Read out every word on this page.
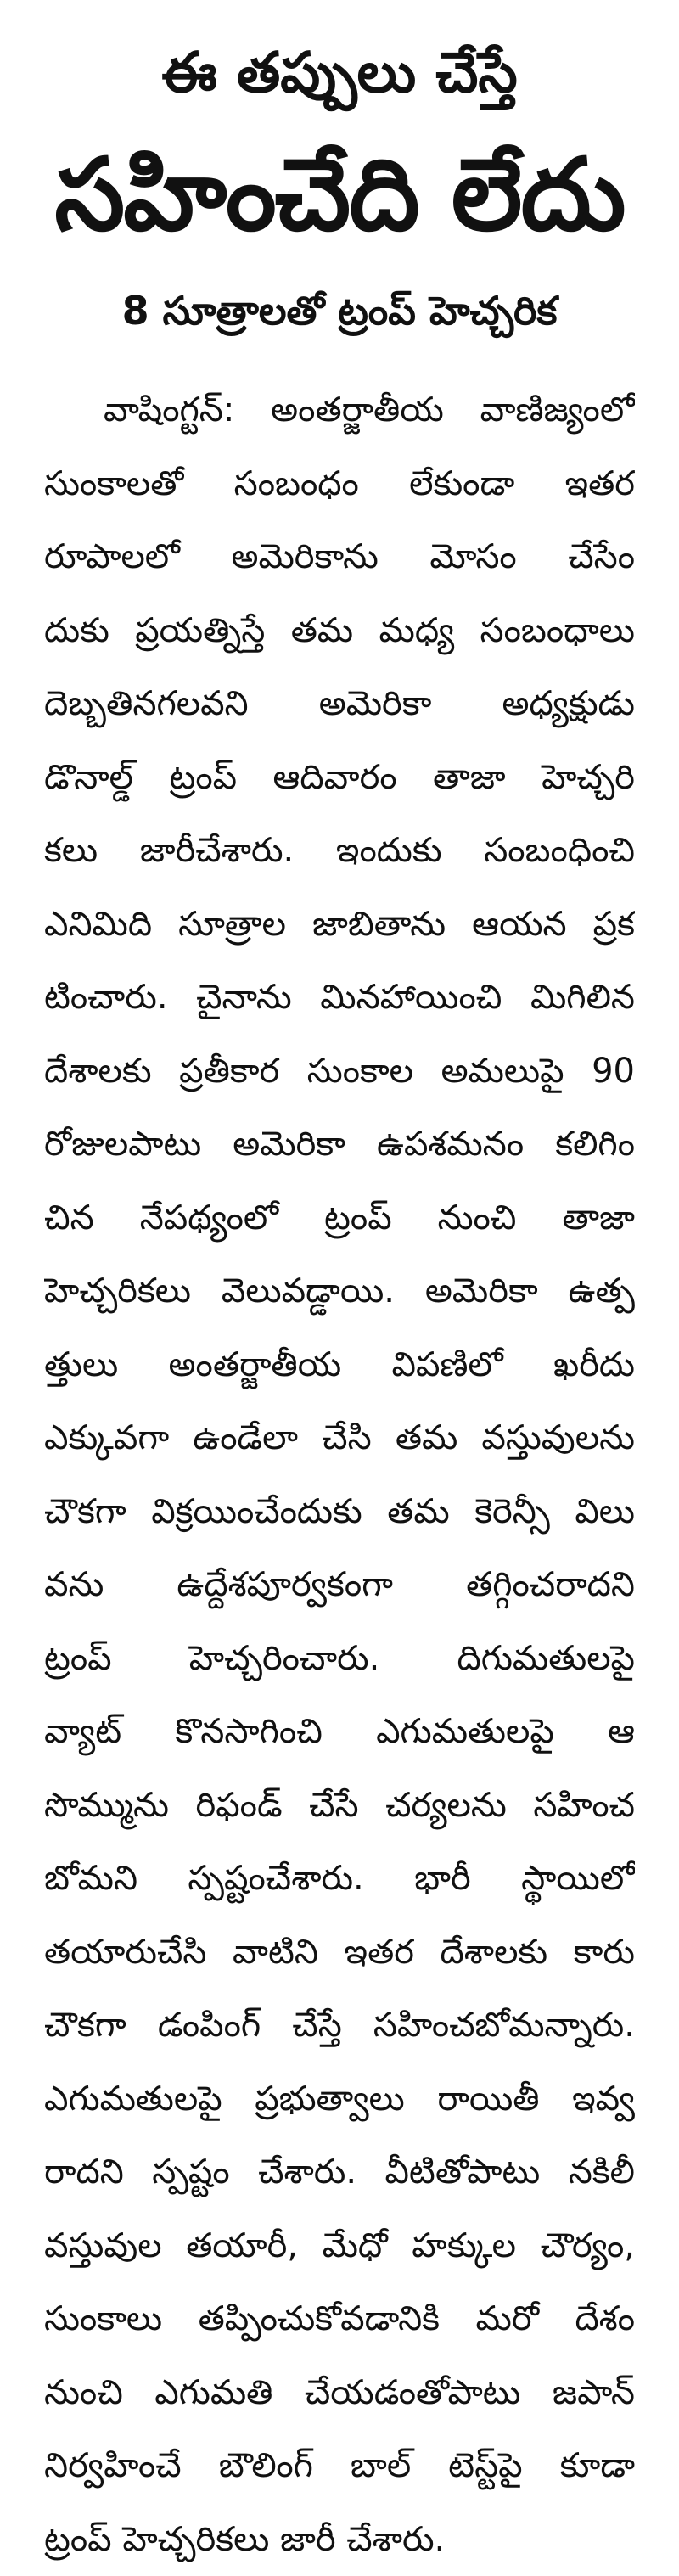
ఈ తప్పులు చేస్తే
సహించేది లేదు
8 సూత్రాలతో ట్రంప్ హెచ్చరిక
వాషింగ్టన్: అంతర్జాతీయ వాణిజ్యంలో
సుంకాలతో సంబంధం లేకుండా ఇతర
రూపాలలో అమెరికాను మోసం చేసేం
దుకు ప్రయత్నిస్తే తమ మధ్య సంబంధాలు
దెబ్బతినగలవని అమెరికా అధ్యక్షుడు
డొనాల్డ్ ట్రంప్ ఆదివారం తాజా హెచ్చరి
కలు జారీచేశారు. ఇందుకు సంబంధించి
ఎనిమిది సూత్రాల జాబితాను ఆయన ప్రక
టించారు. చైనాను మినహాయించి మిగిలిన
దేశాలకు ప్రతీకార సుంకాల అమలుపై 90
రోజులపాటు అమెరికా ఉపశమనం కలిగిం
చిన నేపథ్యంలో ట్రంప్ నుంచి తాజా
హెచ్చరికలు వెలువడ్డాయి. అమెరికా ఉత్ప
త్తులు అంతర్జాతీయ విపణిలో ఖరీదు
ఎక్కువగా ఉండేలా చేసి తమ వస్తువులను
చౌకగా విక్రయించేందుకు తమ కెరెన్సీ విలు
వను ఉద్దేశపూర్వకంగా తగ్గించరాదని
ట్రంప్ హెచ్చరించారు. దిగుమతులపై
వ్యాట్ కొనసాగించి ఎగుమతులపై ఆ
సొమ్మును రిఫండ్ చేసే చర్యలను సహించ
బోమని స్పష్టంచేశారు. భారీ స్థాయిలో
తయారుచేసి వాటిని ఇతర దేశాలకు కారు
చౌకగా డంపింగ్ చేస్తే సహించబోమన్నారు.
ఎగుమతులపై ప్రభుత్వాలు రాయితీ ఇవ్వ
రాదని స్పష్టం చేశారు. వీటితోపాటు నకిలీ
వస్తువుల తయారీ, మేధో హక్కుల చౌర్యం,
సుంకాలు తప్పించుకోవడానికి మరో దేశం
నుంచి ఎగుమతి చేయడంతోపాటు జపాన్
నిర్వహించే బౌలింగ్ బాల్ టెస్ట్‌పై కూడా
ట్రంప్ హెచ్చరికలు జారీ చేశారు.
